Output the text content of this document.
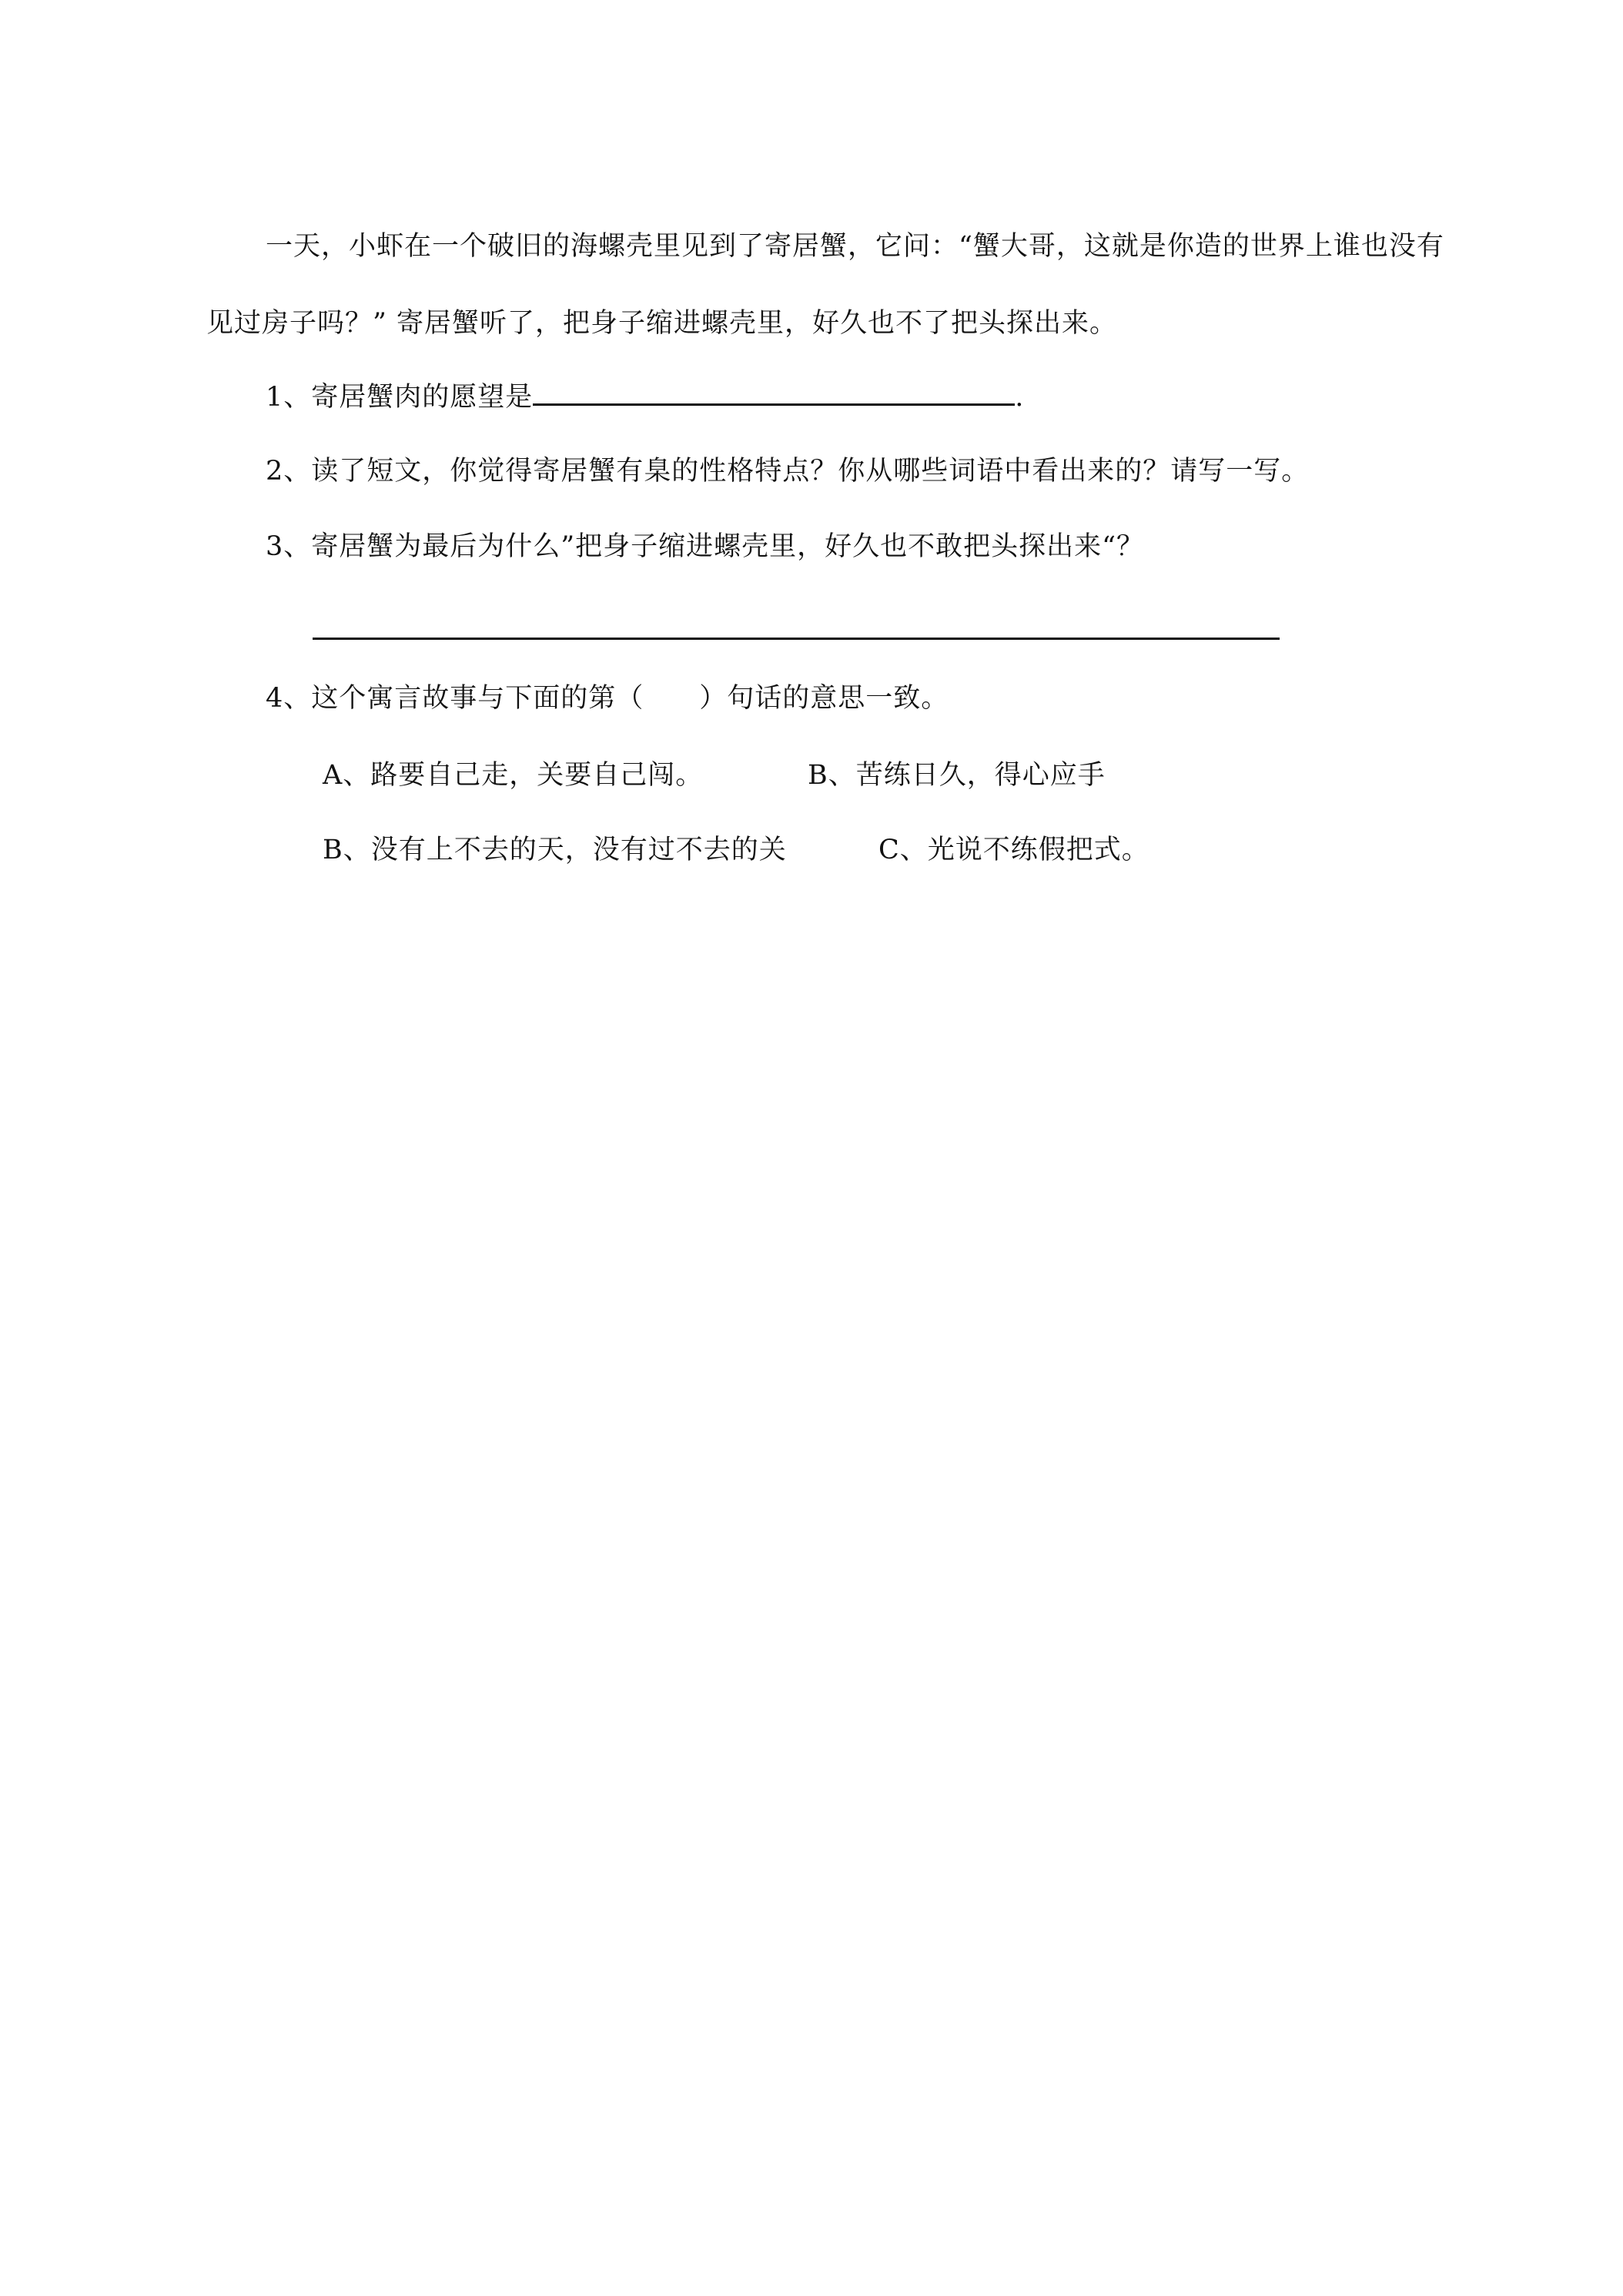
一天，小虾在一个破旧的海螺壳里见到了寄居蟹，它问：“蟹大哥，这就是你造的世界上谁也没有
见过房子吗？” 寄居蟹听了，把身子缩进螺壳里，好久也不了把头探出来。
1、寄居蟹肉的愿望是	.
2、读了短文，你觉得寄居蟹有臬的性格特点？你从哪些词语中看出来的？请写一写。
3、寄居蟹为最后为什么”把身子缩进螺壳里，好久也不敢把头探出来“？
4、这个寓言故事与下面的第（　　）句话的意思一致。
A、路要自己走，关要自己闯。	B、苦练日久，得心应手
B、没有上不去的天，没有过不去的关	C、光说不练假把式。
